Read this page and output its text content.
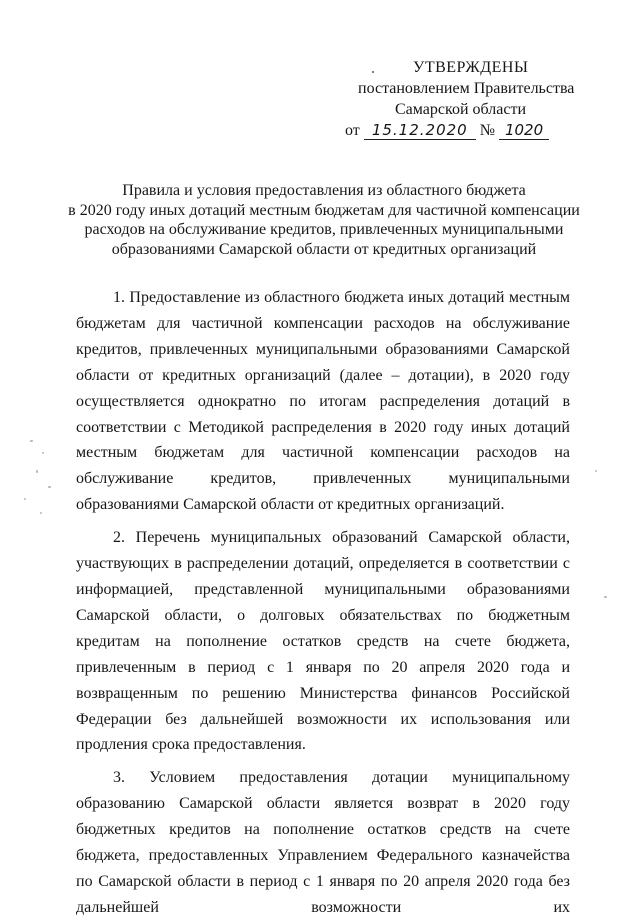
УТВЕРЖДЕНЫ
постановлением Правительства
Самарской области
от 15.12.2020 № 1020
Правила и условия предоставления из областного бюджета
в 2020 году иных дотаций местным бюджетам для частичной компенсации
расходов на обслуживание кредитов, привлеченных муниципальными
образованиями Самарской области от кредитных организаций

1. Предоставление из областного бюджета иных дотаций местным бюджетам для частичной компенсации расходов на обслуживание кредитов, привлеченных муниципальными образованиями Самарской области от кредитных организаций (далее – дотации), в 2020 году осуществляется однократно по итогам распределения дотаций в соответствии с Методикой распределения в 2020 году иных дотаций местным бюджетам для частичной компенсации расходов на обслуживание кредитов, привлеченных муниципальными образованиями Самарской области от кредитных организаций.

2. Перечень муниципальных образований Самарской области, участвующих в распределении дотаций, определяется в соответствии с информацией, представленной муниципальными образованиями Самарской области, о долговых обязательствах по бюджетным кредитам на пополнение остатков средств на счете бюджета, привлеченным в период с 1 января по 20 апреля 2020 года и возвращенным по решению Министерства финансов Российской Федерации без дальнейшей возможности их использования или продления срока предоставления.

3. Условием предоставления дотации муниципальному образованию Самарской области является возврат в 2020 году бюджетных кредитов на пополнение остатков средств на счете бюджета, предоставленных Управлением Федерального казначейства по Самарской области в период с 1 января по 20 апреля 2020 года без дальнейшей возможности их
